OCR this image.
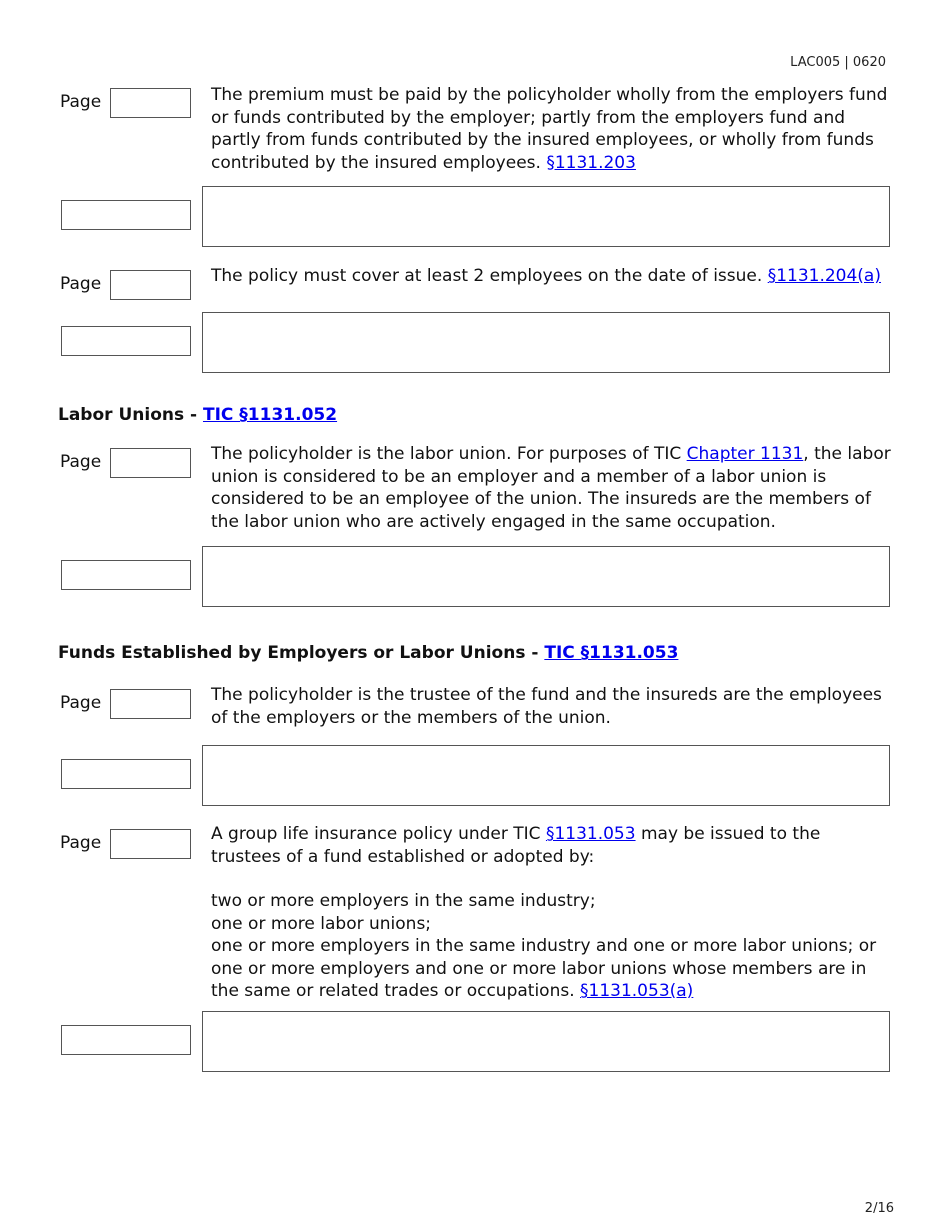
LAC005 | 0620
Page	The premium must be paid by the policyholder wholly from the employers fund or funds contributed by the employer; partly from the employers fund and partly from funds contributed by the insured employees, or wholly from funds contributed by the insured employees. §1131.203

Page	The policy must cover at least 2 employees on the date of issue. §1131.204(a)

Labor Unions - TIC §1131.052
Page	The policyholder is the labor union. For purposes of TIC Chapter 1131, the labor union is considered to be an employer and a member of a labor union is considered to be an employee of the union. The insureds are the members of the labor union who are actively engaged in the same occupation.

Funds Established by Employers or Labor Unions - TIC §1131.053
Page	The policyholder is the trustee of the fund and the insureds are the employees of the employers or the members of the union.

Page	A group life insurance policy under TIC §1131.053 may be issued to the trustees of a fund established or adopted by:

two or more employers in the same industry;

one or more labor unions;

one or more employers in the same industry and one or more labor unions; or

one or more employers and one or more labor unions whose members are in the same or related trades or occupations. §1131.053(a)

2/16
